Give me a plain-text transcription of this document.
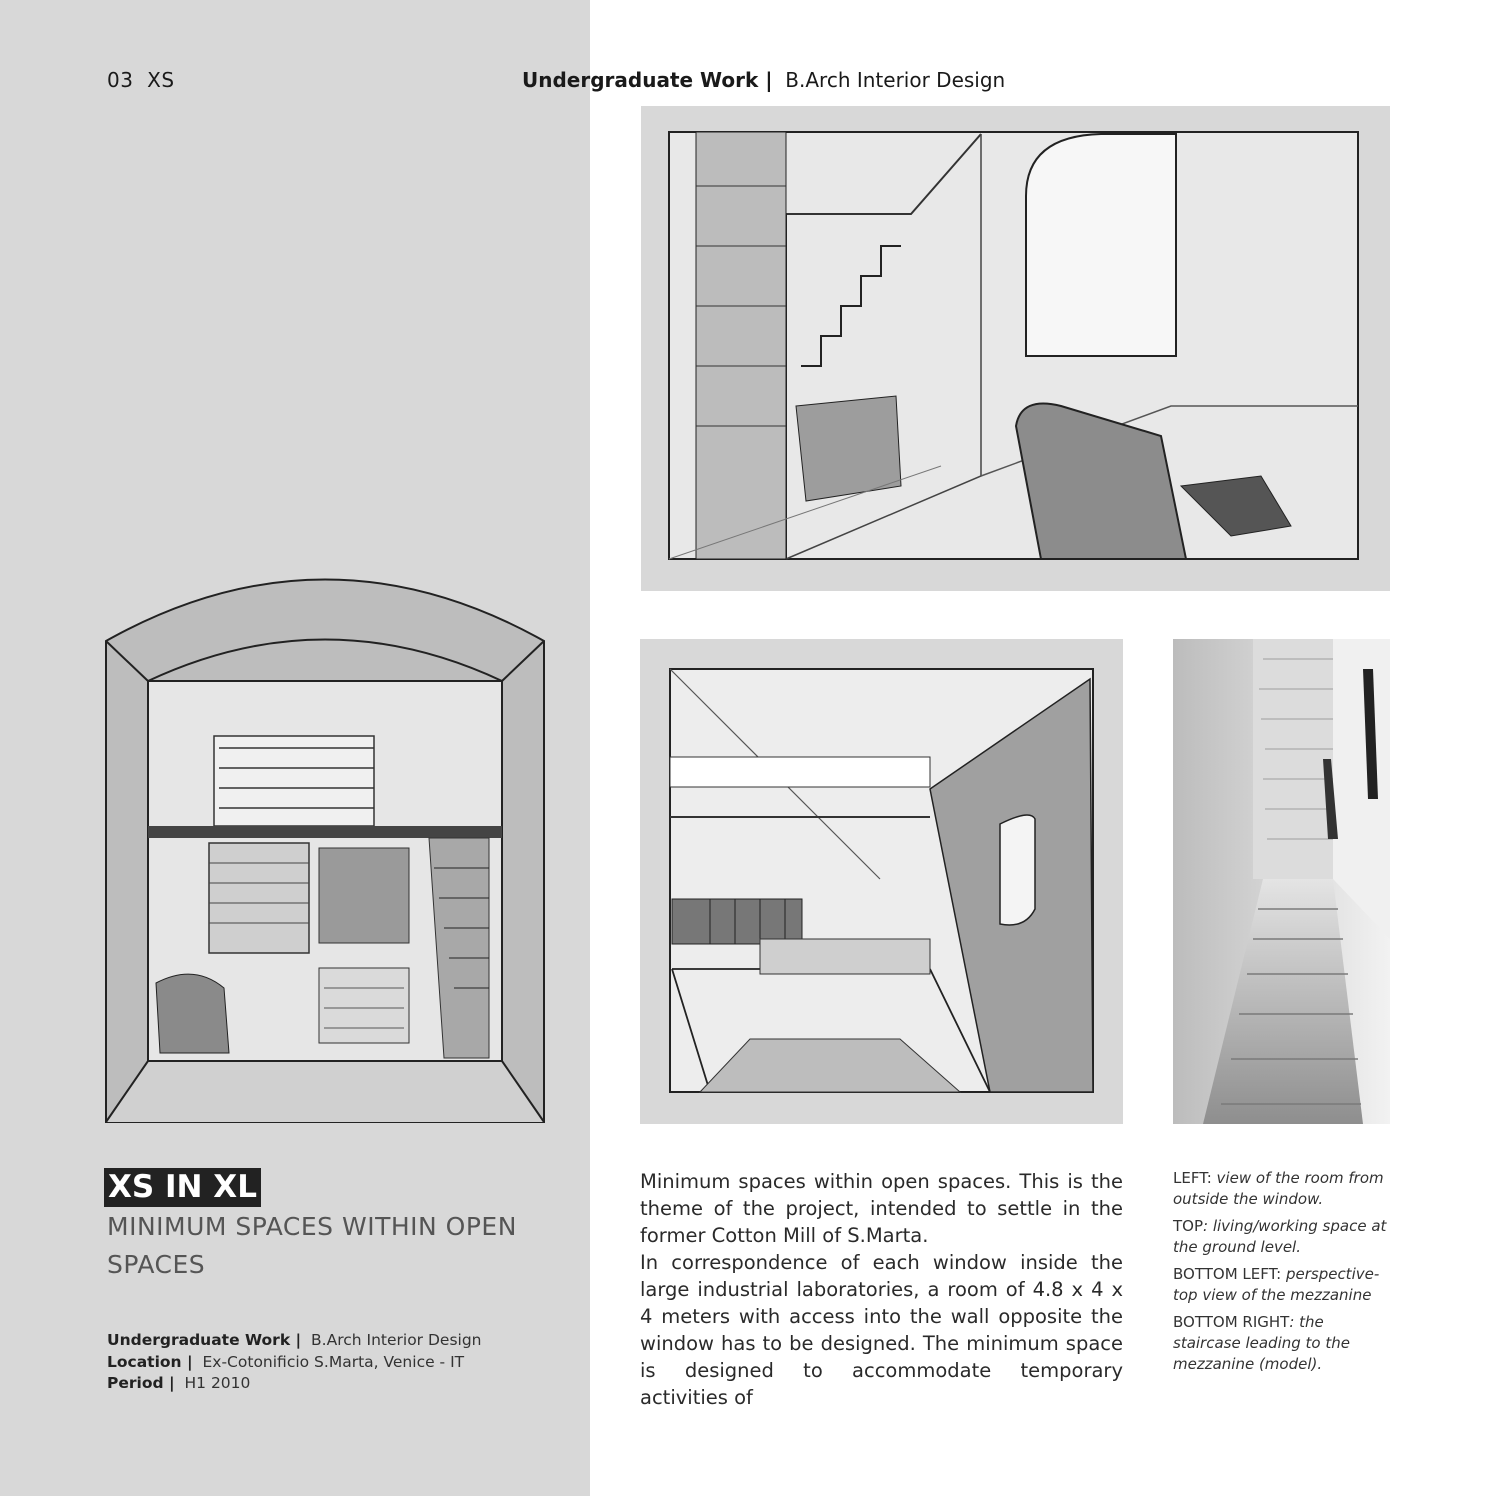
03 XS	Undergraduate Work | B.Arch Interior Design
XS IN XL
MINIMUM SPACES WITHIN OPEN SPACES
Undergraduate Work | B.Arch Interior Design
Location | Ex-Cotonificio S.Marta, Venice - IT
Period | H1 2010

Minimum spaces within open spaces. This is the theme of the project, intended to settle in the former Cotton Mill of S.Marta.

In correspondence of each window inside the large industrial laboratories, a room of 4.8 x 4 x 4 meters with access into the wall opposite the window has to be designed. The minimum space is designed to accommodate temporary activities of

LEFT: view of the room from outside the window.

TOP: living/working space at the ground level.

BOTTOM LEFT: perspective-top view of the mezzanine

BOTTOM RIGHT: the staircase leading to the mezzanine (model).
